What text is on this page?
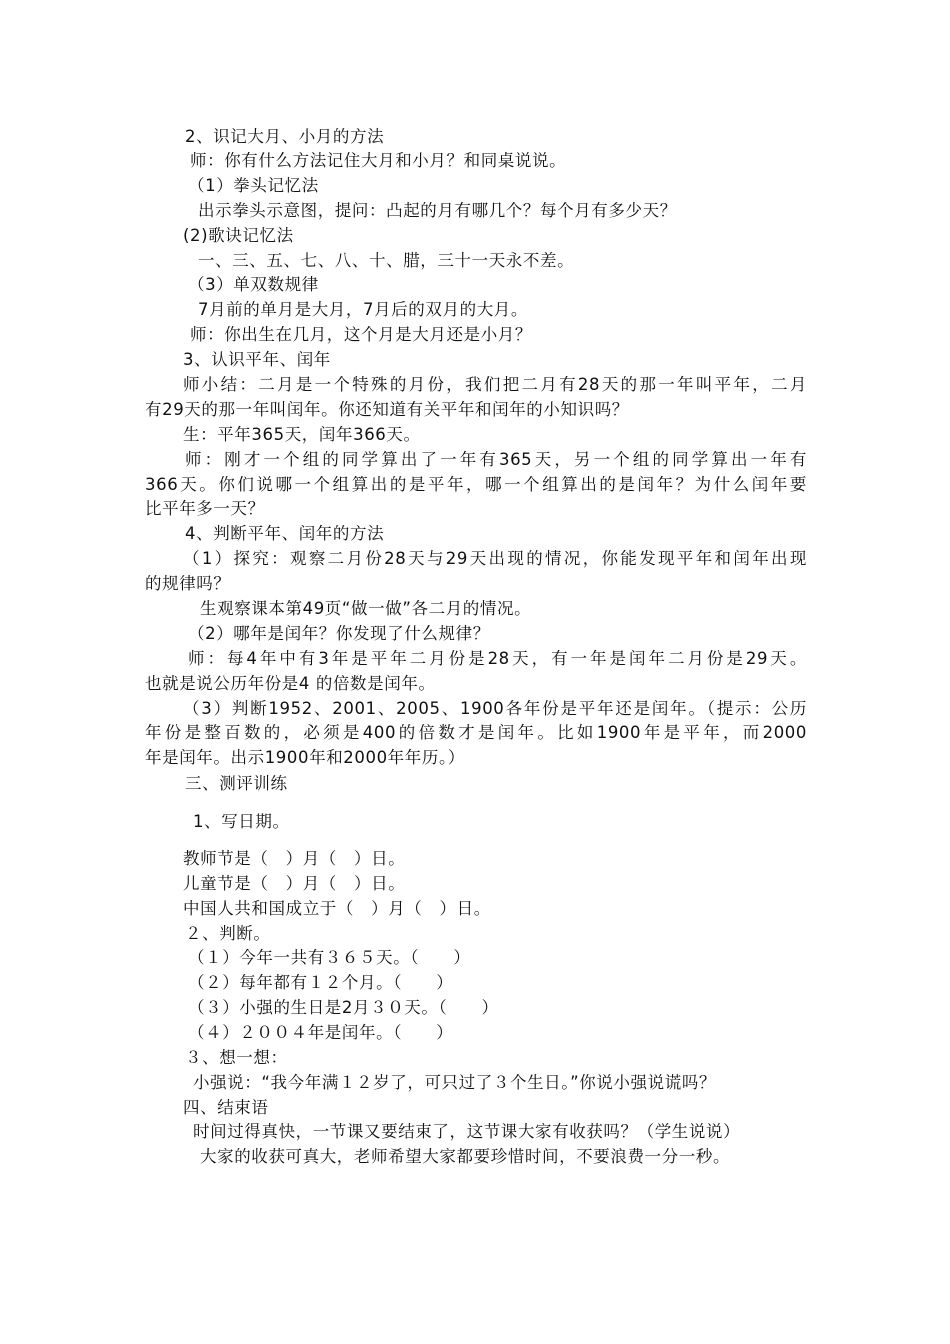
2、识记大月、小月的方法
师：你有什么方法记住大月和小月？和同桌说说。
（1）拳头记忆法
出示拳头示意图，提问：凸起的月有哪几个？每个月有多少天？
(2)歌诀记忆法
一、三、五、七、八、十、腊，三十一天永不差。
（3）单双数规律
7月前的单月是大月，7月后的双月的大月。
师：你出生在几月，这个月是大月还是小月？
3、认识平年、闰年
师小结：二月是一个特殊的月份，我们把二月有28天的那一年叫平年，二月
有29天的那一年叫闰年。你还知道有关平年和闰年的小知识吗？
生：平年365天，闰年366天。
师：刚才一个组的同学算出了一年有365天，另一个组的同学算出一年有
366天。你们说哪一个组算出的是平年，哪一个组算出的是闰年？为什么闰年要
比平年多一天？
4、判断平年、闰年的方法
（1）探究：观察二月份28天与29天出现的情况，你能发现平年和闰年出现
的规律吗？
生观察课本第49页“做一做”各二月的情况。
（2）哪年是闰年？你发现了什么规律？
师：每4年中有3年是平年二月份是28天，有一年是闰年二月份是29天。
也就是说公历年份是4 的倍数是闰年。
（3）判断1952、2001、2005、1900各年份是平年还是闰年。（提示：公历
年份是整百数的，必须是400的倍数才是闰年。比如1900年是平年，而2000
年是闰年。出示1900年和2000年年历。）
三、测评训练
1、写日期。
教师节是（　）月（　）日。
儿童节是（　）月（　）日。
中国人共和国成立于（　）月（　）日。
２、判断。
（１）今年一共有３６５天。（　　）
（２）每年都有１２个月。（　　）
（３）小强的生日是2月３０天。（　　）
（４）２００４年是闰年。（　　）
３、想一想：
小强说：“我今年满１２岁了，可只过了３个生日。”你说小强说谎吗？
四、结束语
时间过得真快，一节课又要结束了，这节课大家有收获吗？（学生说说）
大家的收获可真大，老师希望大家都要珍惜时间，不要浪费一分一秒。
